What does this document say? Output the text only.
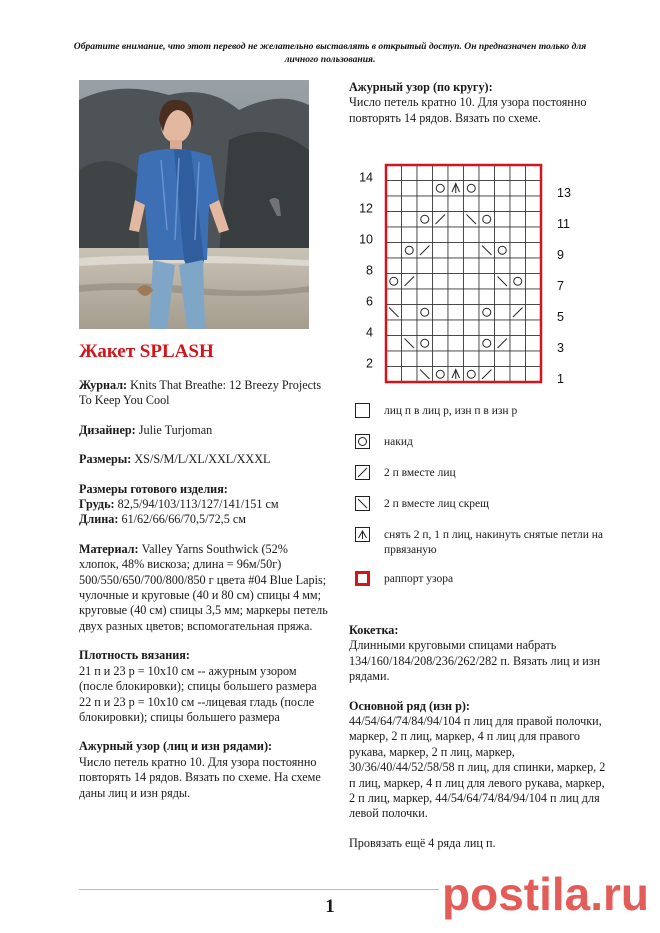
Обратите внимание, что этот перевод не желательно выставлять в открытый доступ. Он предназначен только для личного пользования.
Жакет SPLASH
Журнал: Knits That Breathe: 12 Breezy Projects To Keep You Cool
Дизайнер: Julie Turjoman
Размеры: XS/S/M/L/XL/XXL/XXXL
Размеры готового изделия:
Грудь: 82,5/94/103/113/127/141/151 см
Длина: 61/62/66/66/70,5/72,5 см
Материал: Valley Yarns Southwick (52% хлопок, 48% вискоза; длина = 96м/50г) 500/550/650/700/800/850 г цвета #04 Blue Lapis; чулочные и круговые (40 и 80 см) спицы 4 мм; круговые (40 см) спицы 3,5 мм; маркеры петель двух разных цветов; вспомогательная пряжа.
Плотность вязания:
21 п и 23 р = 10x10 см -- ажурным узором (после блокировки); спицы большего размера
22 п и 23 р = 10x10 см --лицевая гладь (после блокировки); спицы большего размера
Ажурный узор (лиц и изн рядами):
Число петель кратно 10. Для узора постоянно повторять 14 рядов. Вязать по схеме. На схеме даны лиц и изн ряды.
Ажурный узор (по кругу):
Число петель кратно 10. Для узора постоянно повторять 14 рядов. Вязать по схеме.
14
12
10
8
6
4
2
13
11
9
7
5
3
1
лиц п в лиц р, изн п в изн р
накид
2 п вместе лиц
2 п вместе лиц скрещ
снять 2 п, 1 п лиц, накинуть снятые петли на првязаную
раппорт узора
Кокетка:
Длинными круговыми спицами набрать 134/160/184/208/236/262/282 п. Вязать лиц и изн рядами.
Основной ряд (изн р):
44/54/64/74/84/94/104 п лиц для правой полочки, маркер, 2 п лиц, маркер, 4 п лиц для правого рукава, маркер, 2 п лиц, маркер, 30/36/40/44/52/58/58 п лиц, для спинки, маркер, 2 п лиц, маркер, 4 п лиц для левого рукава, маркер, 2 п лиц, маркер, 44/54/64/74/84/94/104 п лиц для левой полочки.
Провязать ещё 4 ряда лиц п.
1	postila.ru
